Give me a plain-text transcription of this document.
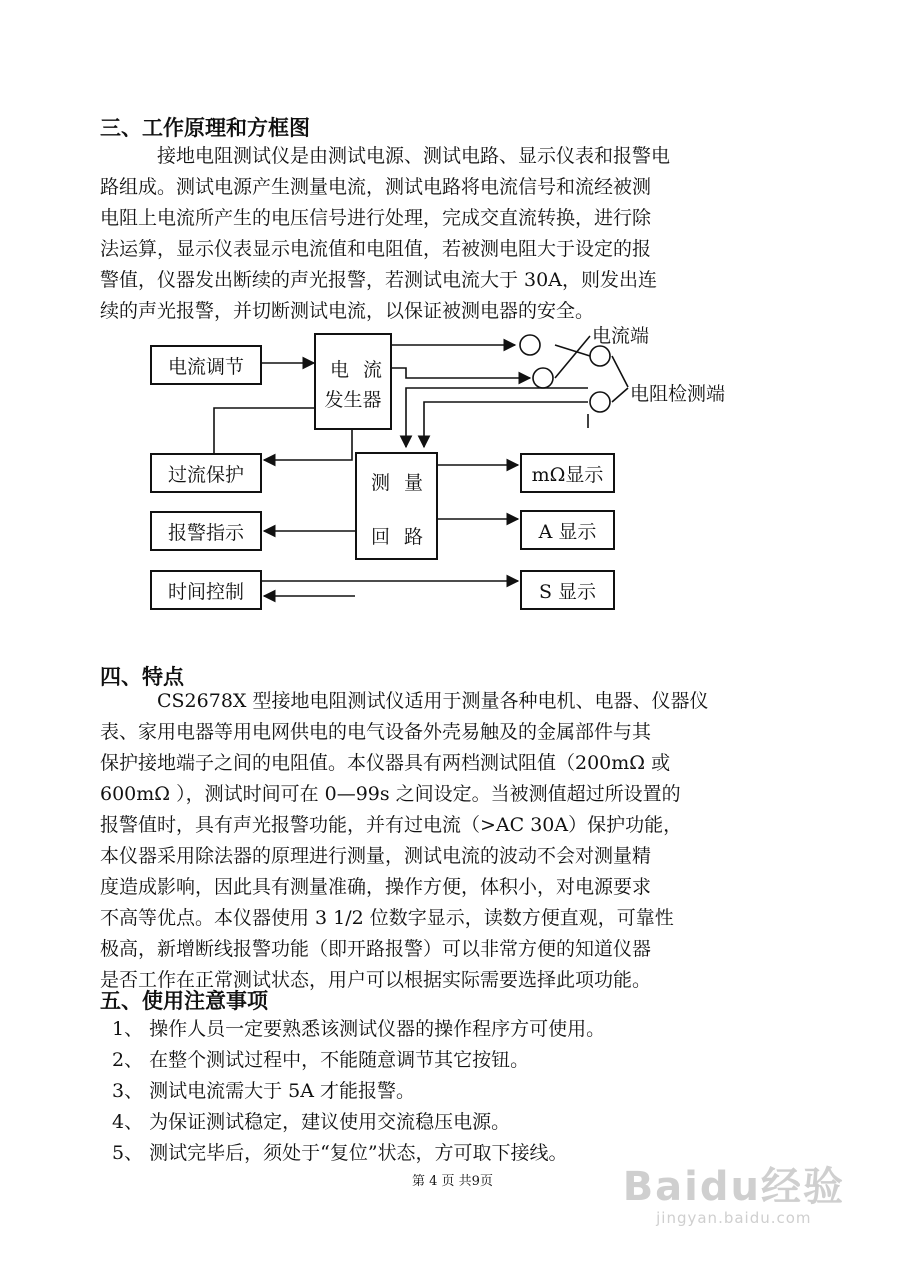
三、工作原理和方框图
接地电阻测试仪是由测试电源、测试电路、显示仪表和报警电
路组成。测试电源产生测量电流，测试电路将电流信号和流经被测
电阻上电流所产生的电压信号进行处理，完成交直流转换，进行除
法运算，显示仪表显示电流值和电阻值，若被测电阻大于设定的报
警值，仪器发出断续的声光报警，若测试电流大于 30A，则发出连
续的声光报警，并切断测试电流，以保证被测电器的安全。
电流调节	电流
发生器
过流保护	测量
回路
报警指示
时间控制
mΩ显示
A 显示
S 显示
电流端
电阻检测端
四、特点
CS2678X 型接地电阻测试仪适用于测量各种电机、电器、仪器仪
表、家用电器等用电网供电的电气设备外壳易触及的金属部件与其
保护接地端子之间的电阻值。本仪器具有两档测试阻值（200mΩ 或
600mΩ ），测试时间可在 0—99s 之间设定。当被测值超过所设置的
报警值时，具有声光报警功能，并有过电流（>AC 30A）保护功能，
本仪器采用除法器的原理进行测量，测试电流的波动不会对测量精
度造成影响，因此具有测量准确，操作方便，体积小，对电源要求
不高等优点。本仪器使用 3 1/2 位数字显示，读数方便直观，可靠性
极高，新增断线报警功能（即开路报警）可以非常方便的知道仪器
是否工作在正常测试状态，用户可以根据实际需要选择此项功能。
五、使用注意事项
1、 操作人员一定要熟悉该测试仪器的操作程序方可使用。
2、 在整个测试过程中，不能随意调节其它按钮。
3、 测试电流需大于 5A 才能报警。
4、 为保证测试稳定，建议使用交流稳压电源。
5、 测试完毕后，须处于“复位”状态，方可取下接线。
第 4 页 共9页	Baidu经验
jingyan.baidu.com
